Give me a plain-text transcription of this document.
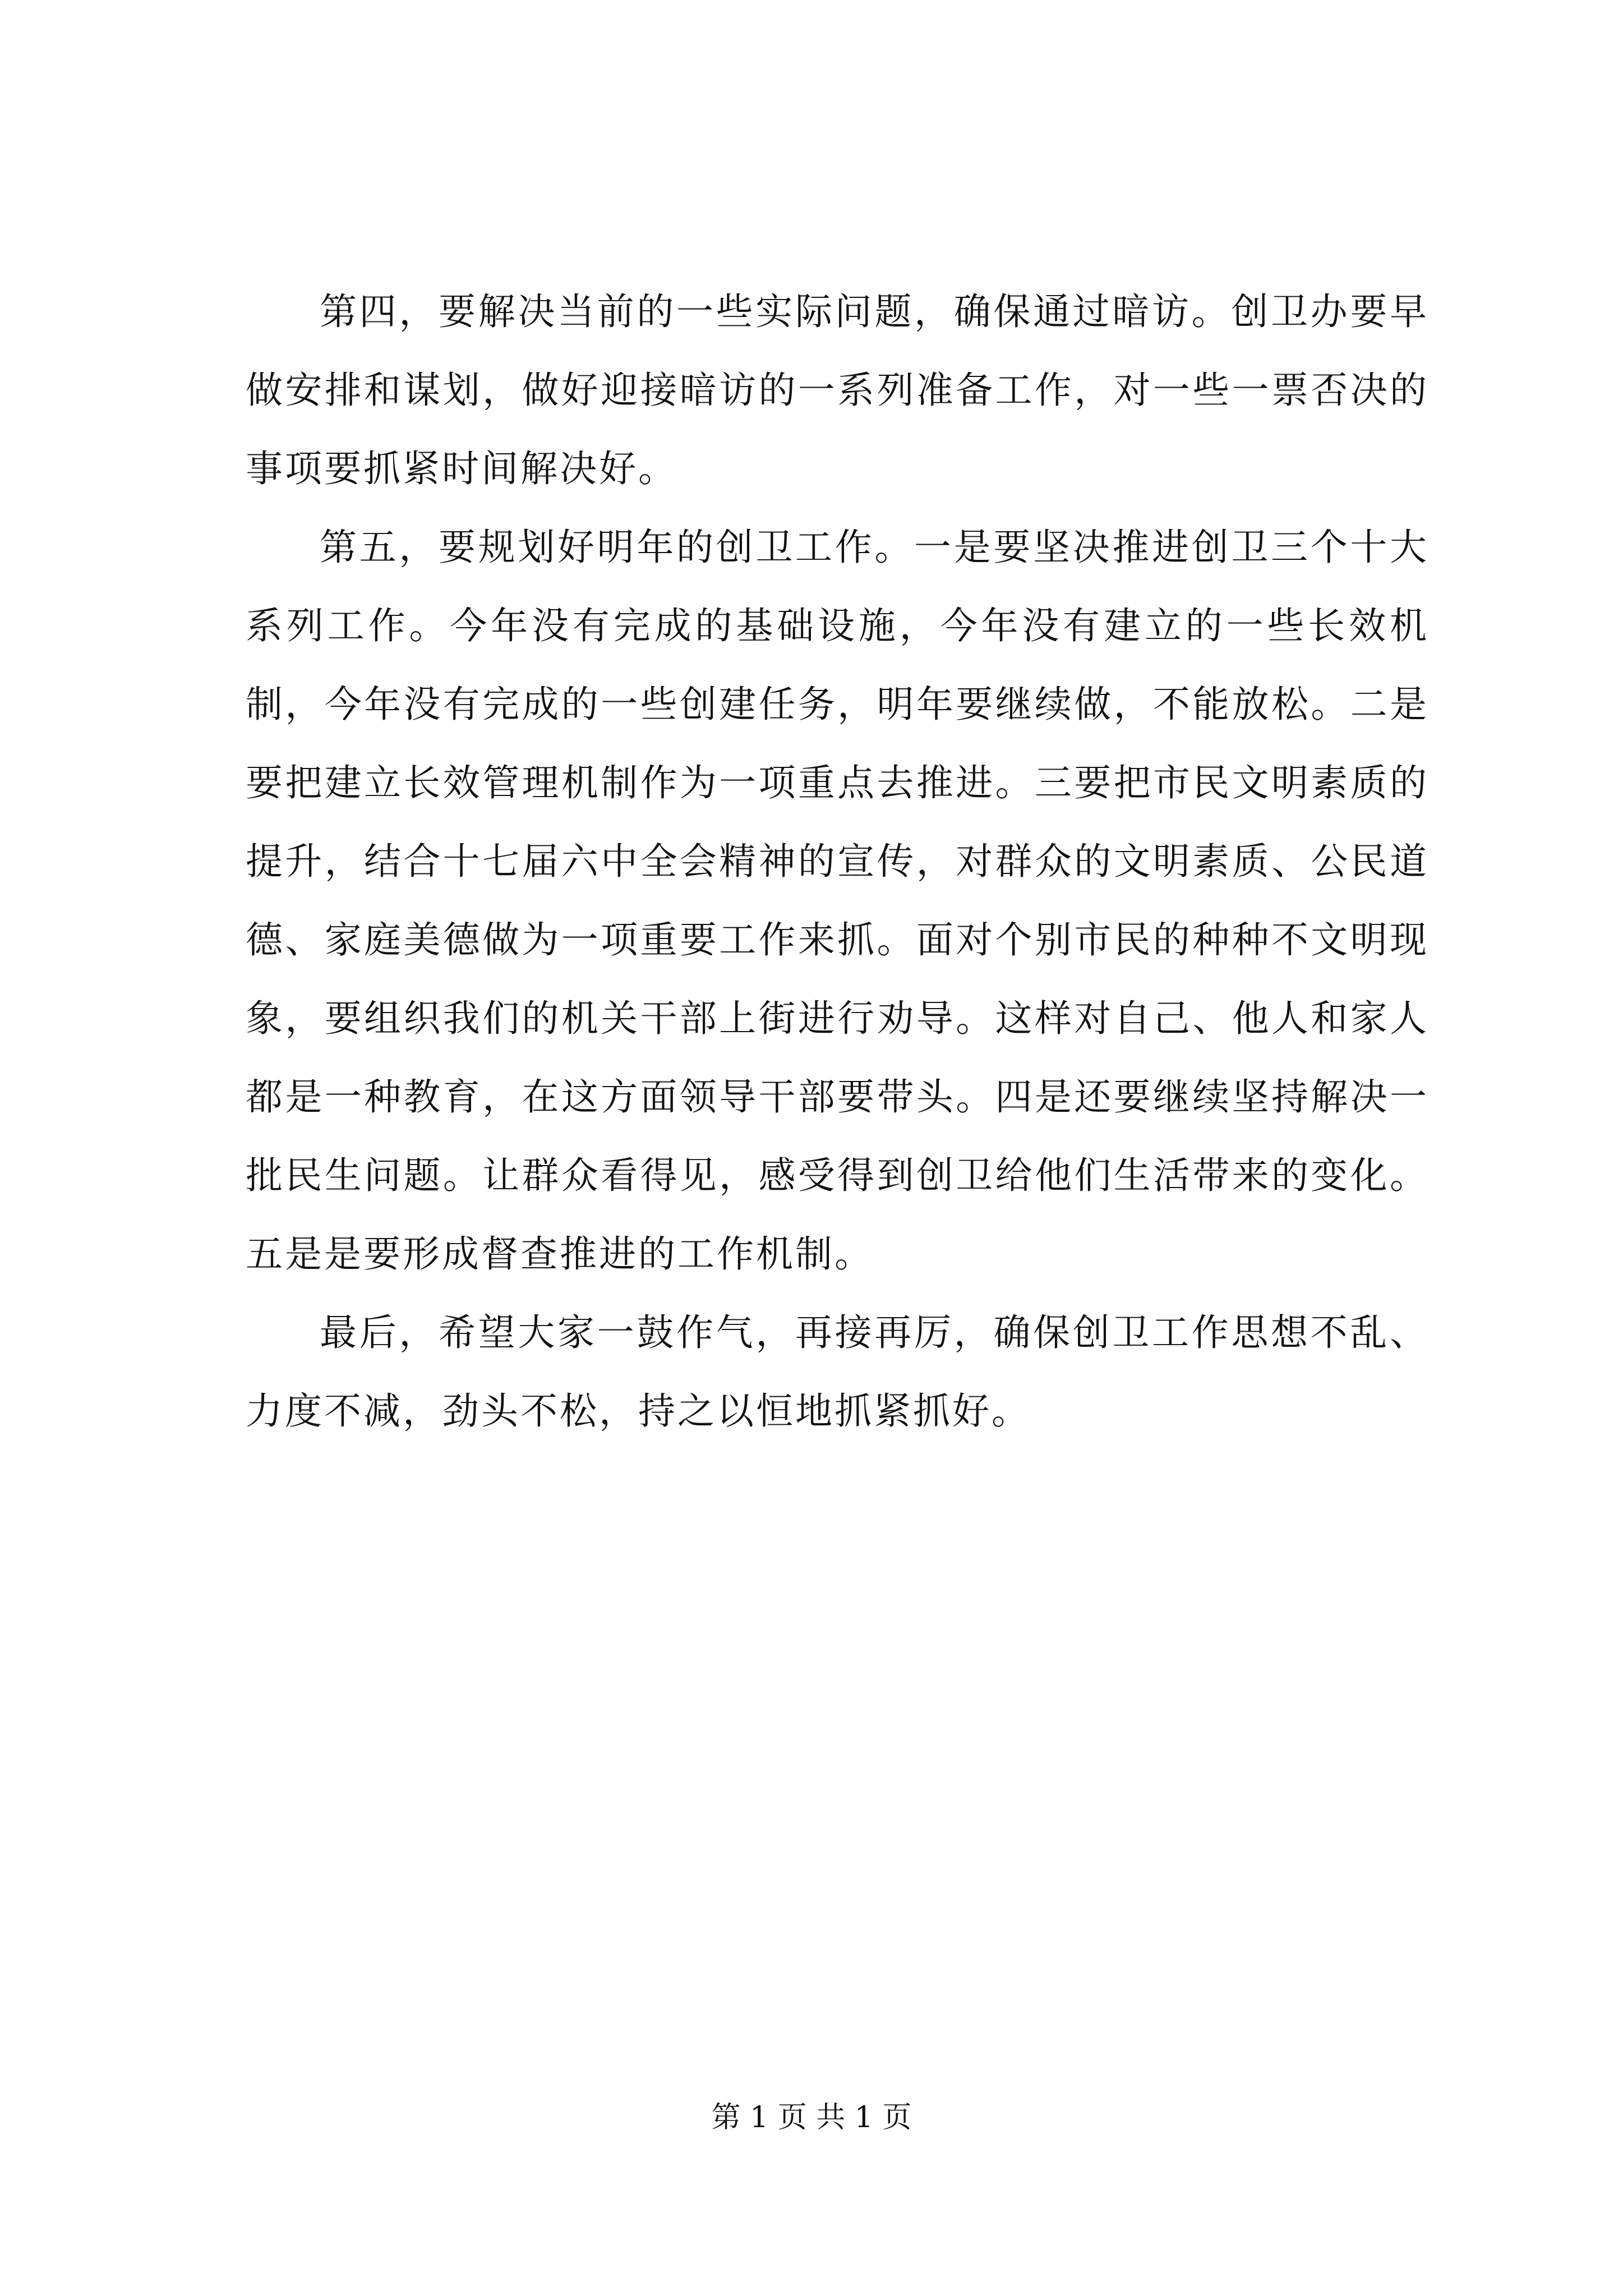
第四，要解决当前的一些实际问题，确保通过暗访。创卫办要早做安排和谋划，做好迎接暗访的一系列准备工作，对一些一票否决的事项要抓紧时间解决好。

第五，要规划好明年的创卫工作。一是要坚决推进创卫三个十大系列工作。今年没有完成的基础设施，今年没有建立的一些长效机制，今年没有完成的一些创建任务，明年要继续做，不能放松。二是要把建立长效管理机制作为一项重点去推进。三要把市民文明素质的提升，结合十七届六中全会精神的宣传，对群众的文明素质、公民道德、家庭美德做为一项重要工作来抓。面对个别市民的种种不文明现象，要组织我们的机关干部上街进行劝导。这样对自己、他人和家人都是一种教育，在这方面领导干部要带头。四是还要继续坚持解决一批民生问题。让群众看得见，感受得到创卫给他们生活带来的变化。五是是要形成督查推进的工作机制。

最后，希望大家一鼓作气，再接再厉，确保创卫工作思想不乱、力度不减，劲头不松，持之以恒地抓紧抓好。

第 1 页 共 1 页
